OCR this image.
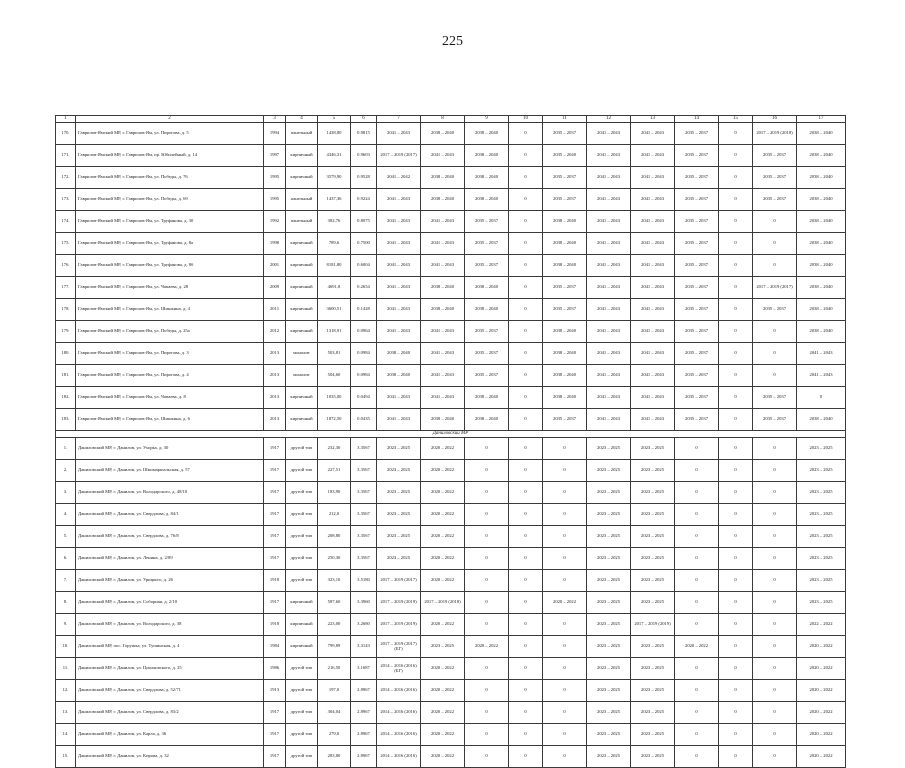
225
1	2	3	4	5	6	7	8	9	10	11	12	13	14	15	16	17
170.	Гаврилов-Ямский МР, г. Гаврилов-Ям, ул. Пирогова, д. 5	1994	панельный	1438,80	0.9815	2041 – 2043	2038 – 2040	2038 – 2040	0	2035 – 2037	2041 – 2043	2041 – 2043	2035 – 2037	0	2017 – 2019 (2018)	2038 – 2040
171.	Гаврилов-Ямский МР, г. Гаврилов-Ям, пр. Юбилейный, д. 14	1997	кирпичный	4346,31	0.9603	2017 – 2019 (2017)	2041 – 2043	2038 – 2040	0	2035 – 2040	2041 – 2043	2041 – 2043	2035 – 2037	0	2035 – 2037	2038 – 2040
172.	Гаврилов-Ямский МР, г. Гаврилов-Ям, ул. Победы, д. 76	1995	кирпичный	3579,90	0.9528	2041 – 2042	2038 – 2040	2038 – 2040	0	2035 – 2037	2041 – 2043	2041 – 2043	2035 – 2037	0	2035 – 2037	2038 – 2040
173.	Гаврилов-Ямский МР, г. Гаврилов-Ям, ул. Победы, д. 69	1995	панельный	1437,36	0.9224	2041 – 2043	2038 – 2040	2038 – 2040	0	2035 – 2037	2041 – 2043	2041 – 2043	2035 – 2037	0	2035 – 2037	2038 – 2040
174.	Гаврилов-Ямский МР, г. Гаврилов-Ям, ул. Труфанова, д. 30	1992	панельный	382,76	0.8075	2041 – 2043	2041 – 2043	2035 – 2037	0	2038 – 2040	2041 – 2043	2041 – 2043	2035 – 2037	0	0	2038 – 2040
175.	Гаврилов-Ямский МР, г. Гаврилов-Ям, ул. Труфанова, д. 8а	1998	кирпичный	789,6	0.7500	2041 – 2043	2041 – 2043	2035 – 2037	0	2038 – 2040	2041 – 2043	2041 – 2043	2035 – 2037	0	0	2038 – 2040
176.	Гаврилов-Ямский МР, г. Гаврилов-Ям, ул. Труфанова, д. 8б	2001	кирпичный	8181,80	0.6004	2041 – 2043	2041 – 2043	2035 – 2037	0	2038 – 2040	2041 – 2043	2041 – 2043	2035 – 2037	0	0	2038 – 2040
177.	Гаврилов-Ямский МР, г. Гаврилов-Ям, ул. Чапаева, д. 28	2009	кирпичный	4691,8	0.2654	2041 – 2043	2038 – 2040	2038 – 2040	0	2035 – 2037	2041 – 2043	2041 – 2043	2035 – 2037	0	2017 – 2019 (2017)	2038 – 2040
178.	Гаврилов-Ямский МР, г. Гаврилов-Ям, ул. Шишкина, д. 4	2011	кирпичный	3600,51	0.1428	2041 – 2043	2038 – 2040	2038 – 2040	0	2035 – 2037	2041 – 2043	2041 – 2043	2035 – 2037	0	2035 – 2037	2038 – 2040
179.	Гаврилов-Ямский МР, г. Гаврилов-Ям, ул. Победы, д. 25а	2012	кирпичный	1318,91	0.0964	2041 – 2043	2041 – 2043	2035 – 2037	0	2038 – 2040	2041 – 2043	2041 – 2043	2035 – 2037	0	0	2038 – 2040
180.	Гаврилов-Ямский МР, г. Гаврилов-Ям, ул. Пирогова, д. 3	2013	монолит	503,81	0.0984	2038 – 2040	2041 – 2043	2035 – 2037	0	2038 – 2040	2041 – 2043	2041 – 2043	2035 – 2037	0	0	2041 – 2043
181.	Гаврилов-Ямский МР, г. Гаврилов-Ям, ул. Пирогова, д. 4	2013	монолит	504,60	0.0984	2038 – 2040	2041 – 2043	2035 – 2037	0	2038 – 2040	2041 – 2043	2041 – 2043	2035 – 2037	0	0	2041 – 2043
182.	Гаврилов-Ямский МР, г. Гаврилов-Ям, ул. Чапаева, д. 8	2013	кирпичный	1035,00	0.0494	2041 – 2043	2041 – 2043	2038 – 2040	0	2038 – 2040	2041 – 2043	2041 – 2043	2035 – 2037	0	2035 – 2037	0
183.	Гаврилов-Ямский МР, г. Гаврилов-Ям, ул. Шишкина, д. 6	2013	кирпичный	1872,50	0.0435	2041 – 2043	2038 – 2040	2038 – 2040	0	2035 – 2037	2041 – 2043	2041 – 2043	2035 – 2037	0	2035 – 2037	2038 – 2040
Даниловский МР																
1.	Даниловский МР, г. Данилов, ул. Ухорка, д. 30	1917	другой тип	232,30	3.3567	2023 – 2025	2020 – 2022	0	0	0	2023 – 2025	2023 – 2025	0	0	0	2023 – 2025
2.	Даниловский МР, г. Данилов, ул. Шмомаршальская, д. 57	1917	другой тип	227,51	3.3567	2023 – 2025	2020 – 2022	0	0	0	2023 – 2025	2023 – 2025	0	0	0	2023 – 2025
3.	Даниловский МР, г. Данилов, ул. Володарского, д. 48/10	1917	другой тип	183,90	3.3567	2023 – 2025	2020 – 2022	0	0	0	2023 – 2025	2023 – 2025	0	0	0	2023 – 2025
4.	Даниловский МР, г. Данилов, ул. Свердлова, д. 84/1	1917	другой тип	212,0	3.3567	2023 – 2025	2020 – 2022	0	0	0	2023 – 2025	2023 – 2025	0	0	0	2023 – 2025
5.	Даниловский МР, г. Данилов, ул. Свердлова, д. 76/8	1917	другой тип	208,80	3.3567	2023 – 2025	2020 – 2022	0	0	0	2023 – 2025	2023 – 2025	0	0	0	2023 – 2025
6.	Даниловский МР, г. Данилов, ул. Ленина, д. 2/89	1917	другой тип	250,30	3.3567	2023 – 2025	2020 – 2022	0	0	0	2023 – 2025	2023 – 2025	0	0	0	2023 – 2025
7.	Даниловский МР, г. Данилов, ул. Урицкого, д. 26	1918	другой тип	323,10	3.5180	2017 – 2019 (2017)	2020 – 2022	0	0	0	2023 – 2025	2023 – 2025	0	0	0	2023 – 2025
8.	Даниловский МР, г. Данилов, ул. Соборная, д. 2/10	1917	кирпичный	587,60	3.3960	2017 – 2019 (2019)	2017 – 2019 (2018)	0	0	2020 – 2022	2023 – 2025	2023 – 2025	0	0	0	2023 – 2025
9.	Даниловский МР, г. Данилов, ул. Володарского, д. 38	1918	кирпичный	223,00	3.2680	2017 – 2019 (2019)	2020 – 2022	0	0	0	2023 – 2025	2017 – 2019 (2019)	0	0	0	2022 – 2022
10.	Даниловский МР, пос. Горушка, ул. Тушинская, д. 4	1984	кирпичный	799,89	3.3143	2017 – 2019 (2017) (БГ)	2023 – 2025	2020 – 2022	0	0	2023 – 2025	2023 – 2025	2020 – 2022	0	0	2020 – 2022
11.	Даниловский МР, г. Данилов, ул. Циолковского, д. 25	1986	другой тип	216,50	3.1687	2014 – 2016 (2016) (БГ)	2020 – 2022	0	0	0	2023 – 2025	2023 – 2025	0	0	0	2020 – 2022
12.	Даниловский МР, г. Данилов, ул. Свердлова, д. 52/71	1913	другой тип	197,0	2.8967	2014 – 2016 (2016)	2020 – 2022	0	0	0	2023 – 2025	2023 – 2025	0	0	0	2020 – 2022
13.	Даниловский МР, г. Данилов, ул. Свердлова, д. 83/2	1917	другой тип	304,04	2.8967	2014 – 2016 (2016)	2020 – 2022	0	0	0	2023 – 2025	2023 – 2025	0	0	0	2020 – 2022
14.	Даниловский МР, г. Данилов, ул. Карла, д. 36	1917	другой тип	279,0	2.8967	2014 – 2016 (2016)	2020 – 2022	0	0	0	2023 – 2025	2023 – 2025	0	0	0	2020 – 2022
15.	Даниловский МР, г. Данилов, ул. Кирова, д. 32	1917	другой тип	283,80	2.8967	2014 – 2016 (2016)	2020 – 2022	0	0	0	2023 – 2025	2023 – 2025	0	0	0	2020 – 2022
